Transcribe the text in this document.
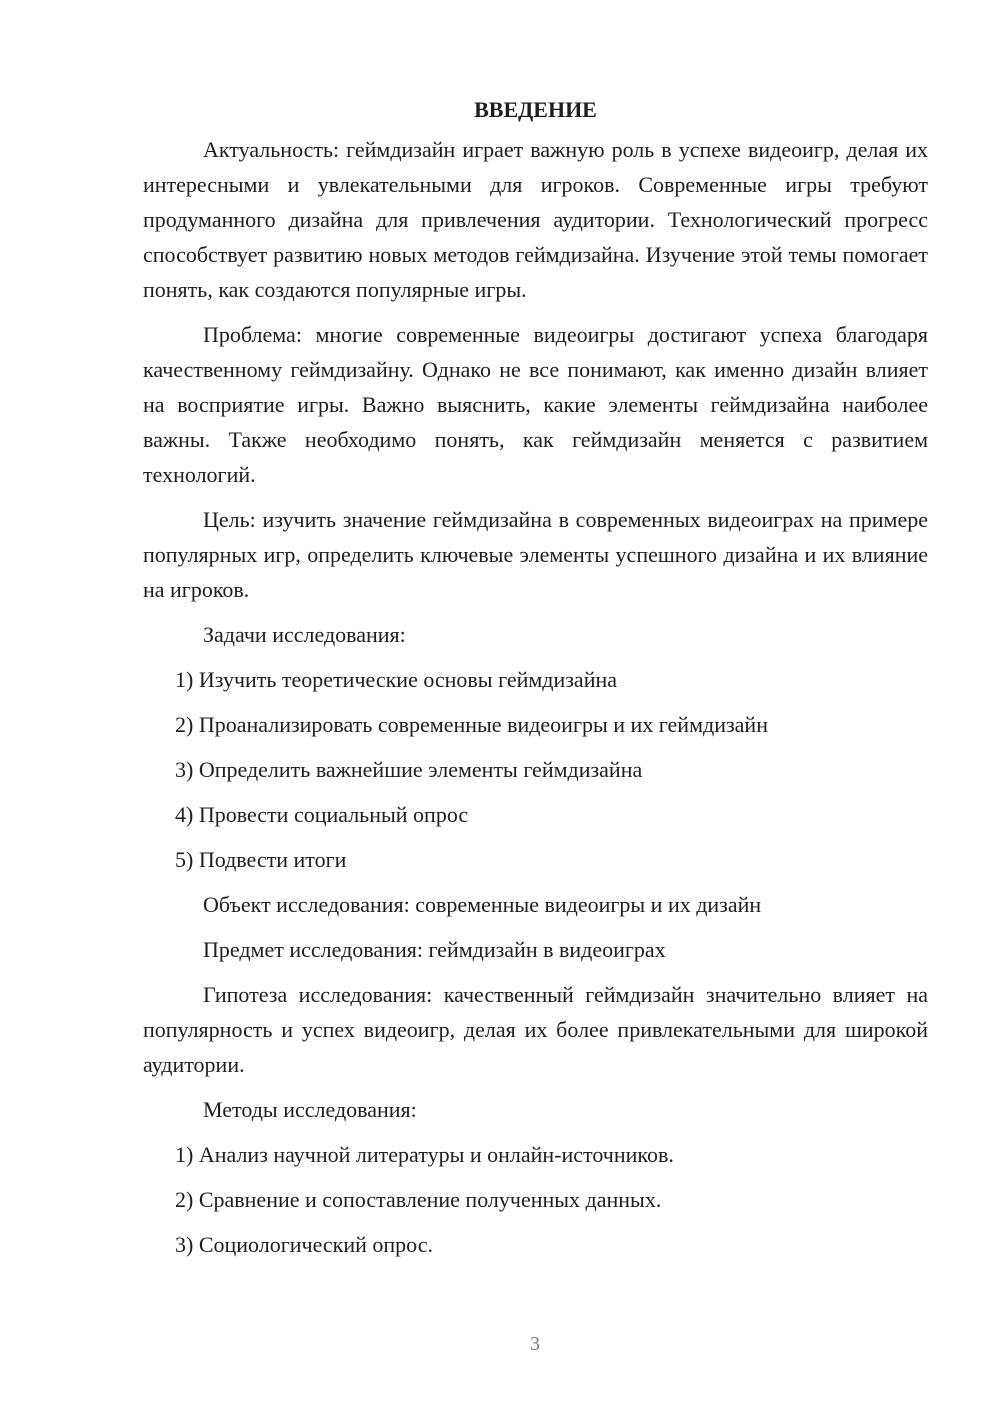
ВВЕДЕНИЕ

Актуальность: геймдизайн играет важную роль в успехе видеоигр, делая их интересными и увлекательными для игроков. Современные игры требуют продуманного дизайна для привлечения аудитории. Технологический прогресс способствует развитию новых методов геймдизайна. Изучение этой темы помогает понять, как создаются популярные игры.

Проблема: многие современные видеоигры достигают успеха благодаря качественному геймдизайну. Однако не все понимают, как именно дизайн влияет на восприятие игры. Важно выяснить, какие элементы геймдизайна наиболее важны. Также необходимо понять, как геймдизайн меняется с развитием технологий.

Цель: изучить значение геймдизайна в современных видеоиграх на примере популярных игр, определить ключевые элементы успешного дизайна и их влияние на игроков.

Задачи исследования:
1) Изучить теоретические основы геймдизайна
2) Проанализировать современные видеоигры и их геймдизайн
3) Определить важнейшие элементы геймдизайна
4) Провести социальный опрос
5) Подвести итоги
Объект исследования: современные видеоигры и их дизайн
Предмет исследования: геймдизайн в видеоиграх

Гипотеза исследования: качественный геймдизайн значительно влияет на популярность и успех видеоигр, делая их более привлекательными для широкой аудитории.

Методы исследования:
1) Анализ научной литературы и онлайн-источников.
2) Сравнение и сопоставление полученных данных.
3) Социологический опрос.
3
